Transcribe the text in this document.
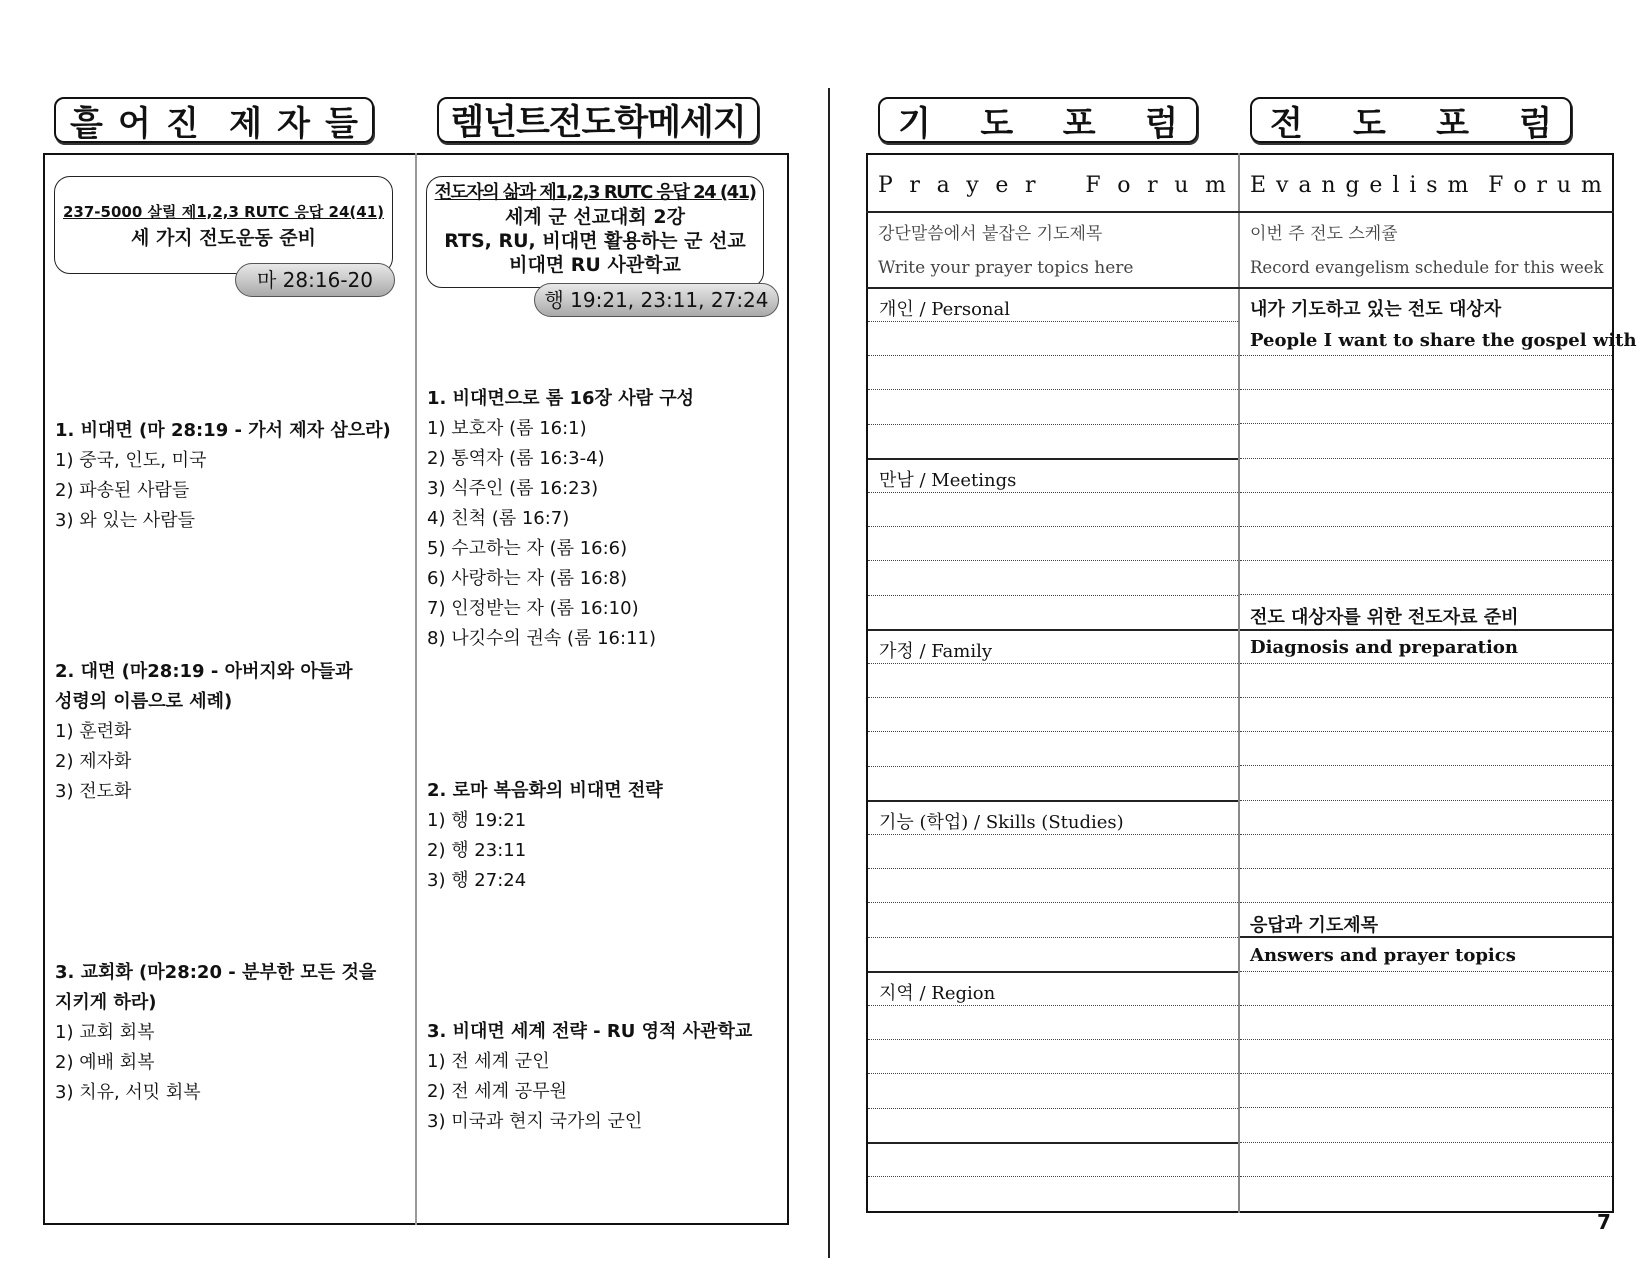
흩 어 진 제 자 들	렘넌트전도학메세지
237-5000 살릴 제1,2,3 RUTC 응답 24(41)
세 가지 전도운동 준비
마 28:16-20
1. 비대면 (마 28:19 - 가서 제자 삼으라)
1) 중국, 인도, 미국
2) 파송된 사람들
3) 와 있는 사람들
2. 대면 (마28:19 - 아버지와 아들과
성령의 이름으로 세례)
1) 훈련화
2) 제자화
3) 전도화
3. 교회화 (마28:20 - 분부한 모든 것을
지키게 하라)
1) 교회 회복
2) 예배 회복
3) 치유, 서밋 회복
전도자의 삶과 제1,2,3 RUTC 응답 24 (41)
세계 군 선교대회 2강
RTS, RU, 비대면 활용하는 군 선교
비대면 RU 사관학교
행 19:21, 23:11, 27:24
1. 비대면으로 롬 16장 사람 구성
1) 보호자 (롬 16:1)
2) 통역자 (롬 16:3-4)
3) 식주인 (롬 16:23)
4) 친척 (롬 16:7)
5) 수고하는 자 (롬 16:6)
6) 사랑하는 자 (롬 16:8)
7) 인정받는 자 (롬 16:10)
8) 나깃수의 권속 (롬 16:11)
2. 로마 복음화의 비대면 전략
1) 행 19:21
2) 행 23:11
3) 행 27:24
3. 비대면 세계 전략 - RU 영적 사관학교
1) 전 세계 군인
2) 전 세계 공무원
3) 미국과 현지 국가의 군인
기 도 포 럼	전 도 포 럼
P r a y e r F o r u m E v a n g e l i s m F o r u m
강단말씀에서 붙잡은 기도제목
Write your prayer topics here
이번 주 전도 스케쥴
Record evangelism schedule for this week
개인 / Personal
만남 / Meetings
가정 / Family
기능 (학업) / Skills (Studies)
지역 / Region
내가 기도하고 있는 전도 대상자
People I want to share the gospel with
전도 대상자를 위한 전도자료 준비
Diagnosis and preparation
응답과 기도제목
Answers and prayer topics
7
